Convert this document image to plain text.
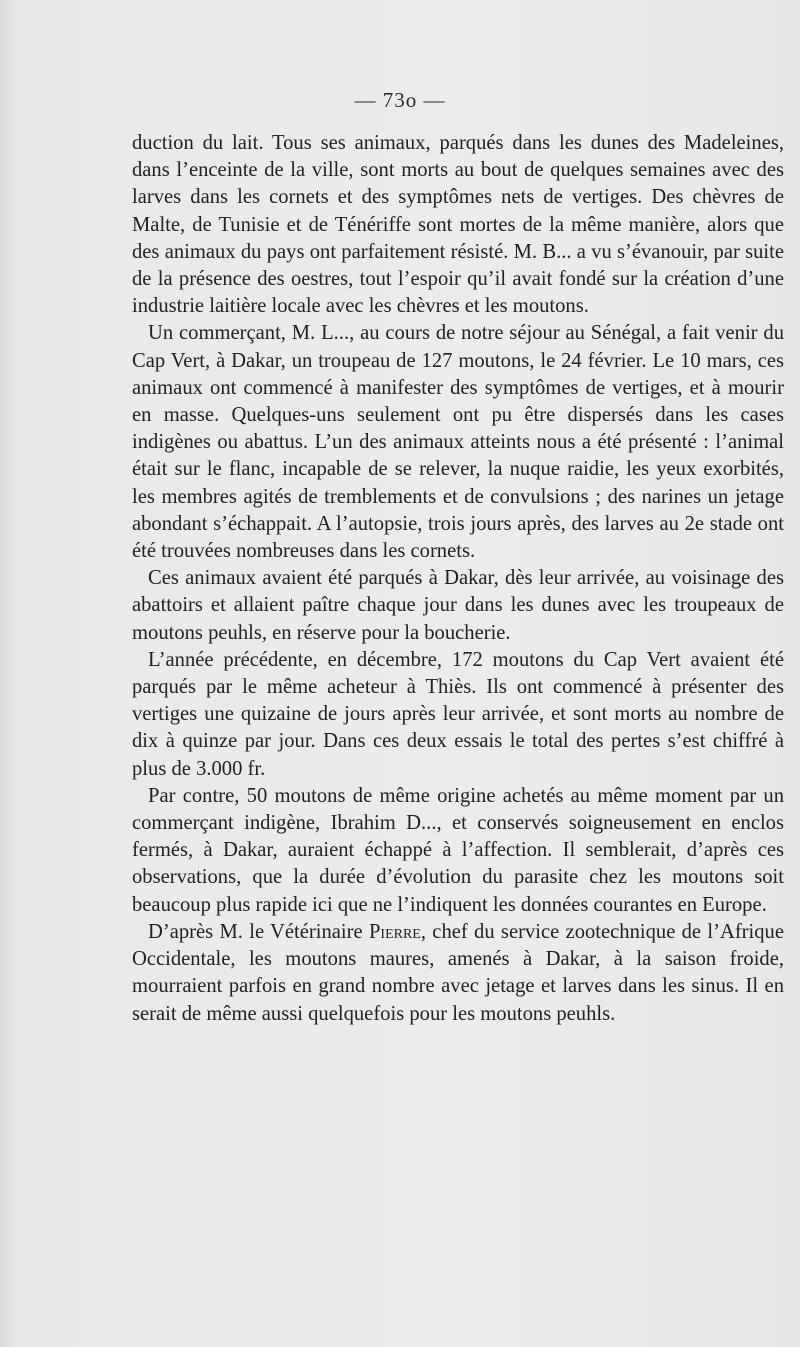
— 73o —

duction du lait. Tous ses animaux, parqués dans les dunes des Madeleines, dans l’enceinte de la ville, sont morts au bout de quelques semaines avec des larves dans les cornets et des symptômes nets de vertiges. Des chèvres de Malte, de Tunisie et de Ténériffe sont mortes de la même manière, alors que des animaux du pays ont parfaitement résisté. M. B... a vu s’évanouir, par suite de la présence des oestres, tout l’espoir qu’il avait fondé sur la création d’une industrie laitière locale avec les chèvres et les moutons.

Un commerçant, M. L..., au cours de notre séjour au Sénégal, a fait venir du Cap Vert, à Dakar, un troupeau de 127 moutons, le 24 février. Le 10 mars, ces animaux ont commencé à manifester des symptômes de vertiges, et à mourir en masse. Quelques-uns seulement ont pu être dispersés dans les cases indigènes ou abattus. L’un des animaux atteints nous a été présenté : l’animal était sur le flanc, incapable de se relever, la nuque raidie, les yeux exorbités, les membres agités de tremblements et de convulsions ; des narines un jetage abondant s’échappait. A l’autopsie, trois jours après, des larves au 2e stade ont été trouvées nombreuses dans les cornets.

Ces animaux avaient été parqués à Dakar, dès leur arrivée, au voisinage des abattoirs et allaient paître chaque jour dans les dunes avec les troupeaux de moutons peuhls, en réserve pour la boucherie.

L’année précédente, en décembre, 172 moutons du Cap Vert avaient été parqués par le même acheteur à Thiès. Ils ont commencé à présenter des vertiges une quizaine de jours après leur arrivée, et sont morts au nombre de dix à quinze par jour. Dans ces deux essais le total des pertes s’est chiffré à plus de 3.000 fr.

Par contre, 50 moutons de même origine achetés au même moment par un commerçant indigène, Ibrahim D..., et conservés soigneusement en enclos fermés, à Dakar, auraient échappé à l’affection. Il semblerait, d’après ces observations, que la durée d’évolution du parasite chez les moutons soit beaucoup plus rapide ici que ne l’indiquent les données courantes en Europe.

D’après M. le Vétérinaire Pierre, chef du service zootechnique de l’Afrique Occidentale, les moutons maures, amenés à Dakar, à la saison froide, mourraient parfois en grand nombre avec jetage et larves dans les sinus. Il en serait de même aussi quelquefois pour les moutons peuhls.
